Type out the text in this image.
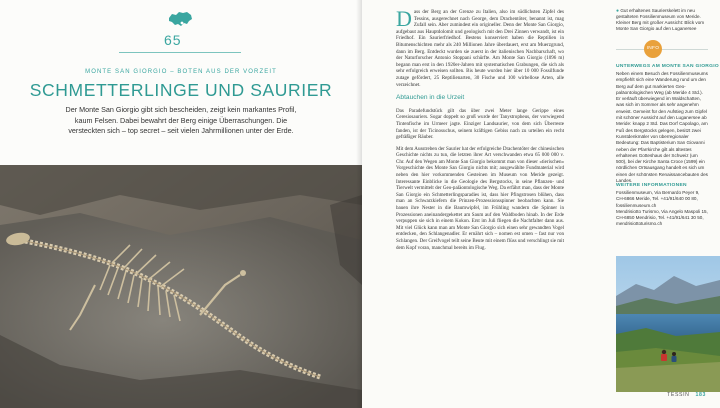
65
MONTE SAN GIORGIO – BOTEN AUS DER VORZEIT
SCHMETTERLINGE UND SAURIER
Der Monte San Giorgio gibt sich bescheiden, zeigt kein markantes Profil,
kaum Felsen. Dabei bewahrt der Berg einige Überraschungen. Die
versteckten sich – top secret – seit vielen Jahrmillionen unter der Erde.

Dass der Berg an der Grenze zu Italien, also im südlichsten Zipfel des Tessins, ausgerechnet nach George, dem Drachentöter, benannt ist, mag Zufall sein. Aber zumindest ein origineller. Denn der Monte San Giorgio, aufgebaut aus Hauptdolomit und geologisch mit den Drei Zinnen verwandt, ist ein Friedhof. Ein Saurierfriedhof. Bestens konserviert haben die Reptilien in Bitumenschichten mehr als 240 Millionen Jahre überdauert, erst am Muerzgrund, dann im Berg. Entdeckt wurden sie zuerst in der italienischen Nachbarschaft, wo der Naturforscher Antonio Stoppani schürfte. Am Monte San Giorgio (1096 m) begann man erst in den 1920er-Jahren mit systematischen Grabungen, die sich als sehr erfolgreich erweisen sollten. Bis heute wurden hier über 10 000 Fossilfunde zutage gefördert, 25 Reptilienarten, 30 Fische und 100 wirbellose Arten, alle verzeichnet.

Abtauchen in die Urzeit

Das Paradefundstück gilt das über zwei Meter lange Gerippe eines Ceresiosauriers. Sogar doppelt so groß wurde der Tanystropheus, der vorwiegend Tintenfische im Urmeer jagte. Einziger Landsaurier, von dem sich Überreste fanden, ist der Ticinosuchus, seinem kräftigen Gebiss nach zu urteilen ein recht gefräßiger Räuber.

Mit dem Ausstreben der Saurier hat der erfolgreiche Drachentöter der chinesischen Geschichte nichts zu tun, die letzten ihrer Art verschwanden etwa 65 000 000 v. Chr. Auf den Wegen am Monte San Giorgio bekommt man von dieser «tierischen» Vorgeschichte des Monte San Giorgio nichts mit; ausgewählte Fundmaterial wird neben den hier vorkommenden Gesteinen im Museum von Meride gezeigt. Interessante Einblicke in die Geologie des Bergstocks, in seine Pflanzen- und Tierwelt vermittelt der Geo-paläontologische Weg. Da erfährt man, dass der Monte San Giorgio ein Schmetterlingsparadies ist, dass hier Pfingstrosen blühen, dass man an Schwarzkiefern die Prinzen-Prozessionsspinner beobachten kann. Sie bauen ihre Nester in die Baumwipfel, im Frühling wandern die Spinner in Prozessionen aneinandergekettet am Saum auf den Waldboden hinab. In der Erde verpuppen sie sich in einem Kokon. Erst im Juli fliegen die Nachtfalter dann aus. Mit viel Glück kann man am Monte San Giorgio sich einen sehr gewandten Vogel entdecken, den Schlangenadler. Er ernährt sich – nomen est omen – fast nur von Schlangen. Der Greifvogel teilt seine Beute mit einem flüss und verschlingt sie mit dem Kopf voran, manchmal bereits im Flug.

● Gut erhaltenes Saurierskelett im neu gestalteten Fossilienmuseum von Meride. Kleiner Berg mit großer Aussicht: Blick vom Monte San Giorgio auf den Luganersee
INFO
UNTERWEGS AM MONTE SAN GIORGIO
Neben einem Besuch des Fossilienmuseums empfiehlt sich eine Wanderung rund um den Berg auf dem gut markierten Geo-paläontologischen Weg (ab Meride 4 Std.). Er verläuft überwiegend im Waldschatten, was sich im Sommer als sehr angenehm erweist. Gemeint für den Aufstieg zum Gipfel mit schöner Aussicht auf den Luganersee ab Meride: knapp 2 Std. Das Dorf Capolago, am Fuß des Bergstocks gelegen, besitzt zwei Kunstdenkmäler von überregionaler Bedeutung: Das Baptisterium San Giovanni neben der Pfarrkirche gilt als ältestes erhaltenes Gotteshaus der Schweiz (um 500), bei der Kirche Santa Croce (1599) ein nördlichen Ortsausgang handelt es sich um einen der schönsten Renaissancebauten des Landes.
WEITERE INFORMATIONEN
Fossilienmuseum, Via Bernardo Peyer 9,
CH-6866 Meride, Tel. +41/91/640 00 80,
fossilienmuseum.ch
Mendrisiotto Turismo, Via Angelo Maspoli 15,
CH-6850 Mendrisio, Tel. +41/91/641 30 50,
mendrisiottoturismo.ch
TESSIN 183
